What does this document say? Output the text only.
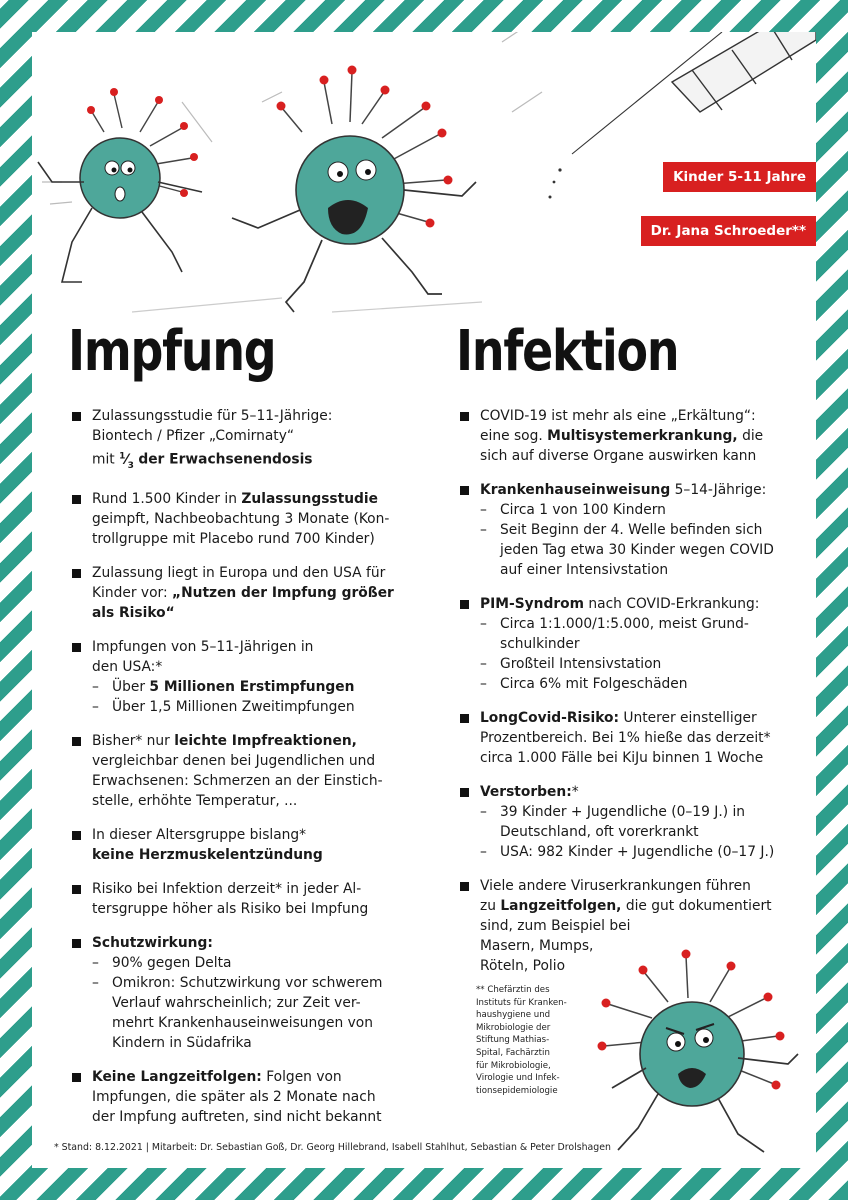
Kinder 5-11 Jahre
Dr. Jana Schroeder**
Impfung	Infektion
Zulassungsstudie für 5–11-Jährige:
Biontech / Pfizer „Comirnaty“
mit $^1⁄_3$ der Erwachsenendosis
Rund 1.500 Kinder in Zulassungsstudie
geimpft, Nachbeobachtung 3 Monate (Kon-
trollgruppe mit Placebo rund 700 Kinder)
Zulassung liegt in Europa und den USA für
Kinder vor: „Nutzen der Impfung größer
als Risiko“
Impfungen von 5–11-Jährigen in
den USA:*
– Über 5 Millionen Erstimpfungen
– Über 1,5 Millionen Zweitimpfungen
Bisher* nur leichte Impfreaktionen,
vergleichbar denen bei Jugendlichen und
Erwachsenen: Schmerzen an der Einstich-
stelle, erhöhte Temperatur, ...
In dieser Altersgruppe bislang*
keine Herzmuskelentzündung
Risiko bei Infektion derzeit* in jeder Al-
tersgruppe höher als Risiko bei Impfung
Schutzwirkung:
– 90% gegen Delta
– Omikron: Schutzwirkung vor schwerem
Verlauf wahrscheinlich; zur Zeit ver-
mehrt Krankenhauseinweisungen von
Kindern in Südafrika
Keine Langzeitfolgen: Folgen von
Impfungen, die später als 2 Monate nach
der Impfung auftreten, sind nicht bekannt
COVID-19 ist mehr als eine „Erkältung“:
eine sog. Multisystemerkrankung, die
sich auf diverse Organe auswirken kann
Krankenhauseinweisung 5–14-Jährige:
– Circa 1 von 100 Kindern
– Seit Beginn der 4. Welle befinden sich
jeden Tag etwa 30 Kinder wegen COVID
auf einer Intensivstation
PIM-Syndrom nach COVID-Erkrankung:
– Circa 1:1.000/1:5.000, meist Grund-
schulkinder
– Großteil Intensivstation
– Circa 6% mit Folgeschäden
LongCovid-Risiko: Unterer einstelliger
Prozentbereich. Bei 1% hieße das derzeit*
circa 1.000 Fälle bei KiJu binnen 1 Woche
Verstorben:*
– 39 Kinder + Jugendliche (0–19 J.) in
Deutschland, oft vorerkrankt
– USA: 982 Kinder + Jugendliche (0–17 J.)
Viele andere Viruserkrankungen führen
zu Langzeitfolgen, die gut dokumentiert
sind, zum Beispiel bei
Masern, Mumps,
Röteln, Polio
** Chefärztin des
Instituts für Kranken-
haushygiene und
Mikrobiologie der
Stiftung Mathias-
Spital, Fachärztin
für Mikrobiologie,
Virologie und Infek-
tionsepidemiologie
* Stand: 8.12.2021 | Mitarbeit: Dr. Sebastian Goß, Dr. Georg Hillebrand, Isabell Stahlhut, Sebastian & Peter Drolshagen
